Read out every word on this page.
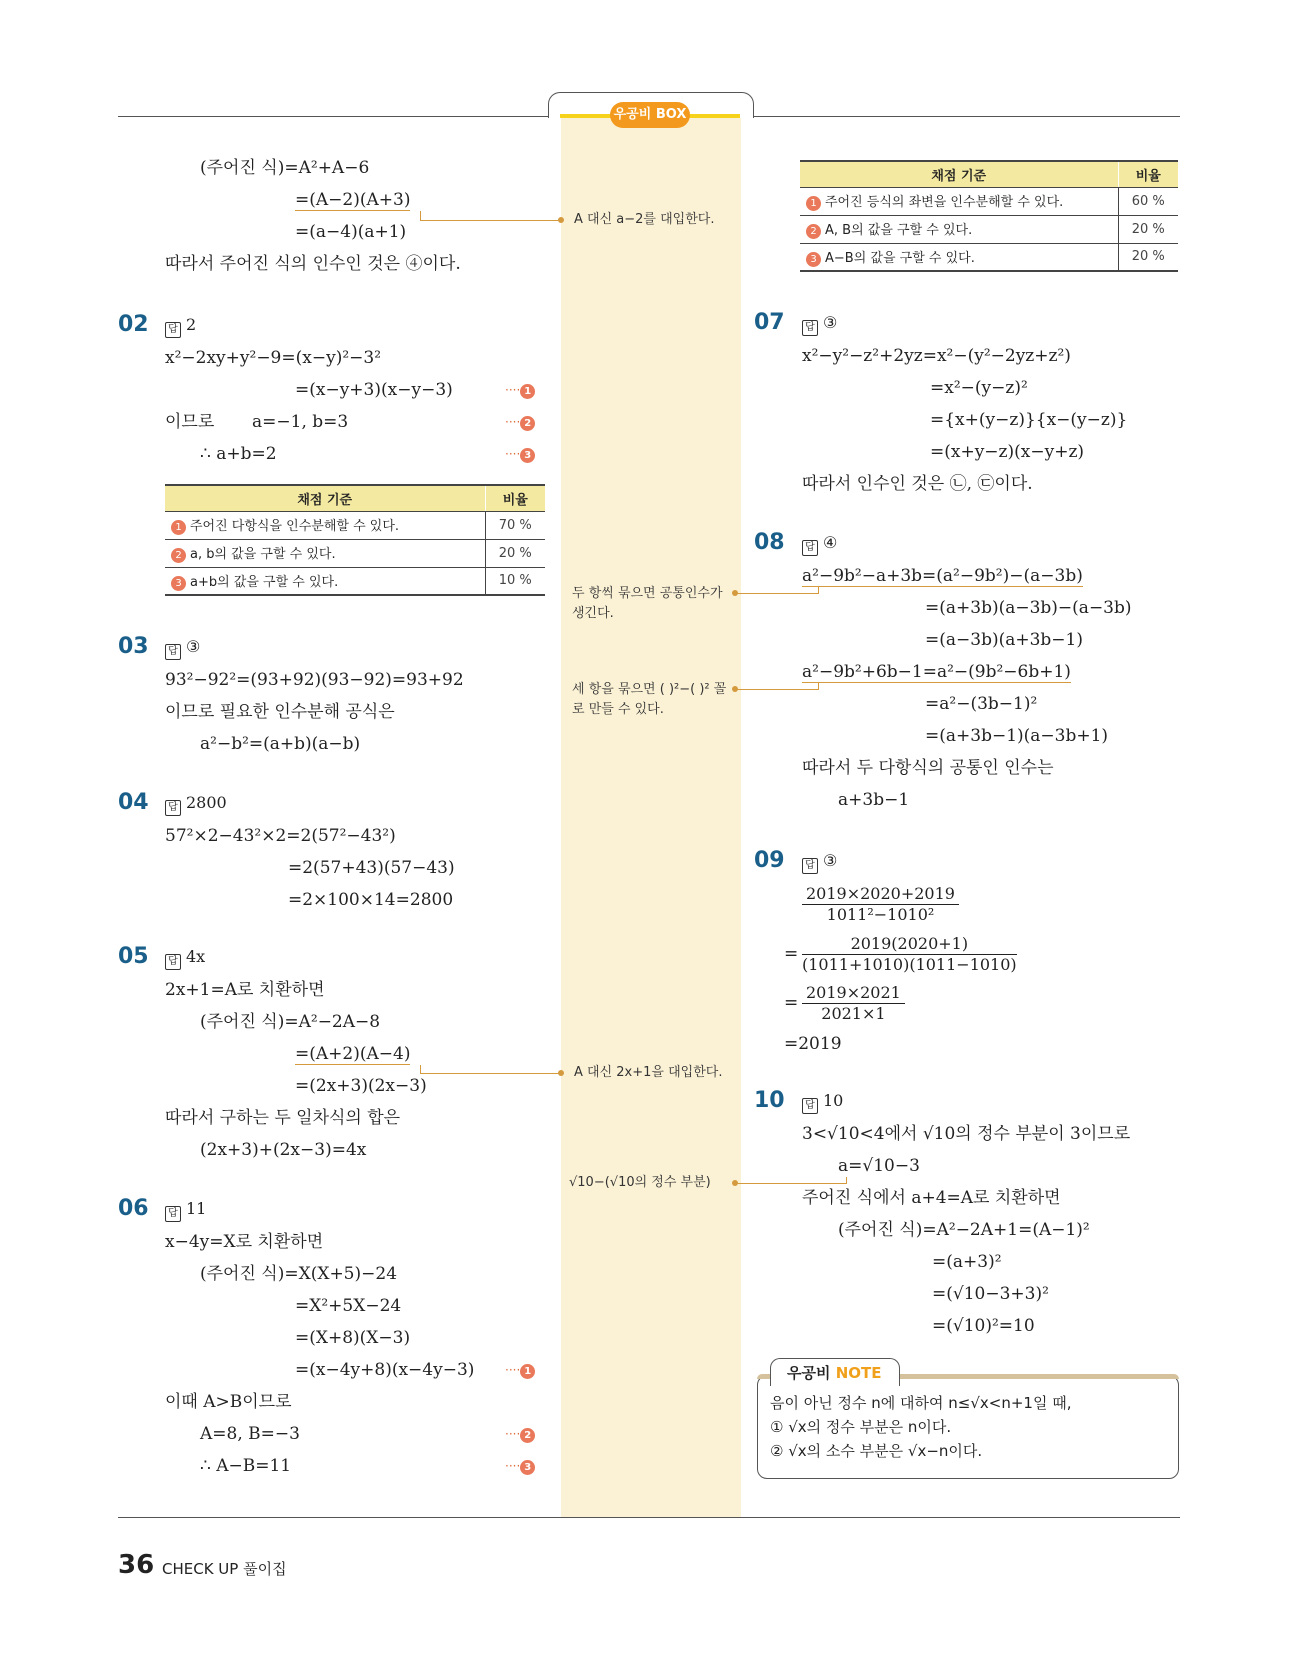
우공비 BOX
(주어진 식)=A²+A−6
=(A−2)(A+3)
=(a−4)(a+1)
따라서 주어진 식의 인수인 것은 ④이다.
A 대신 a−2를 대입한다.
02	답 2
x²−2xy+y²−9=(x−y)²−3²
=(x−y+3)(x−y−3)
이므로 a=−1, b=3
∴ a+b=2
···· 1
···· 2
···· 3
채점 기준	비율
1 주어진 다항식을 인수분해할 수 있다.	70 %
2 a, b의 값을 구할 수 있다.	20 %
3 a+b의 값을 구할 수 있다.	10 %
03	답 ③
93²−92²=(93+92)(93−92)=93+92
이므로 필요한 인수분해 공식은
a²−b²=(a+b)(a−b)
04	답 2800
57²×2−43²×2=2(57²−43²)
=2(57+43)(57−43)
=2×100×14=2800
05	답 4x
2x+1=A로 치환하면
(주어진 식)=A²−2A−8
=(A+2)(A−4)
=(2x+3)(2x−3)
따라서 구하는 두 일차식의 합은
(2x+3)+(2x−3)=4x
A 대신 2x+1을 대입한다.
06	답 11
x−4y=X로 치환하면
(주어진 식)=X(X+5)−24
=X²+5X−24
=(X+8)(X−3)
=(x−4y+8)(x−4y−3)
이때 A>B이므로
A=8, B=−3
∴ A−B=11
···· 1
···· 2
···· 3
채점 기준	비율
1 주어진 등식의 좌변을 인수분해할 수 있다.	60 %
2 A, B의 값을 구할 수 있다.	20 %
3 A−B의 값을 구할 수 있다.	20 %
07	답 ③
x²−y²−z²+2yz=x²−(y²−2yz+z²)
=x²−(y−z)²
={x+(y−z)}{x−(y−z)}
=(x+y−z)(x−y+z)
따라서 인수인 것은 ㉡, ㉢이다.
08	답 ④
a²−9b²−a+3b=(a²−9b²)−(a−3b)
=(a+3b)(a−3b)−(a−3b)
=(a−3b)(a+3b−1)
a²−9b²+6b−1=a²−(9b²−6b+1)
=a²−(3b−1)²
=(a+3b−1)(a−3b+1)
따라서 두 다항식의 공통인 인수는
a+3b−1
두 항씩 묶으면 공통인수가 생긴다.
세 항을 묶으면 ( )²−( )² 꼴로 만들 수 있다.
09	답 ③
$\frac{2019\times 2020+2019}{\text{1011²−1010²}}$
= $\frac{2019(2020+1)}{(1011+1010)(1011-1010)}$
= $\frac{2019\times 2021}{2021\times 1}$
=2019
10	답 10
3<√10<4에서 √10의 정수 부분이 3이므로
a=√10−3
주어진 식에서 a+4=A로 치환하면
(주어진 식)=A²−2A+1=(A−1)²
=(a+3)²
=(√10−3+3)²
=(√10)²=10
√10−(√10의 정수 부분)
우공비 NOTE
음이 아닌 정수 n에 대하여 n≤√x<n+1일 때,
① √x의 정수 부분은 n이다.
② √x의 소수 부분은 √x−n이다.
36 CHECK UP 풀이집
